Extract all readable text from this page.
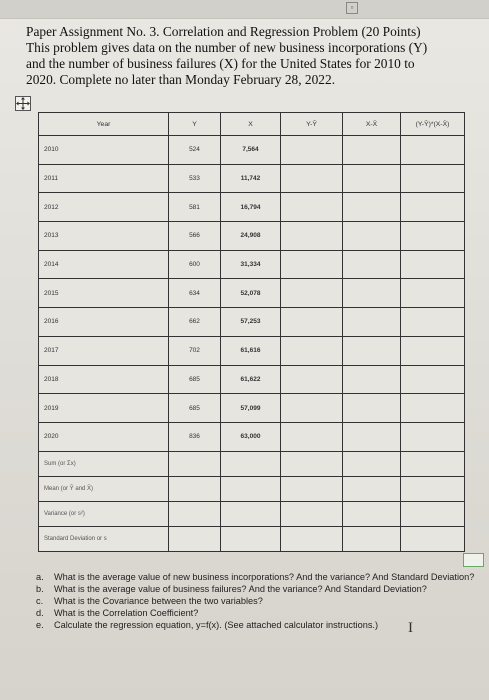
▫
Paper Assignment No. 3. Correlation and Regression Problem (20 Points)
This problem gives data on the number of new business incorporations (Y)
and the number of business failures (X) for the United States for 2010 to
2020. Complete no later than Monday February 28, 2022.
Year	Y	X	Y-Ȳ	X-X̄	(Y-Ȳ)*(X-X̄)
2010	524	7,564			
2011	533	11,742			
2012	581	16,794			
2013	566	24,908			
2014	600	31,334			
2015	634	52,078			
2016	662	57,253			
2017	702	61,616			
2018	685	61,622			
2019	685	57,099			
2020	836	63,000			
Sum (or Σx)					
Mean (or Ȳ and X̄)					
Variance (or s²)					
Standard Deviation or s					
a. What is the average value of new business incorporations? And the variance? And Standard Deviation?
b. What is the average value of business failures? And the variance? And Standard Deviation?
c. What is the Covariance between the two variables?
d. What is the Correlation Coefficient?
e. Calculate the regression equation, y=f(x). (See attached calculator instructions.)	I
